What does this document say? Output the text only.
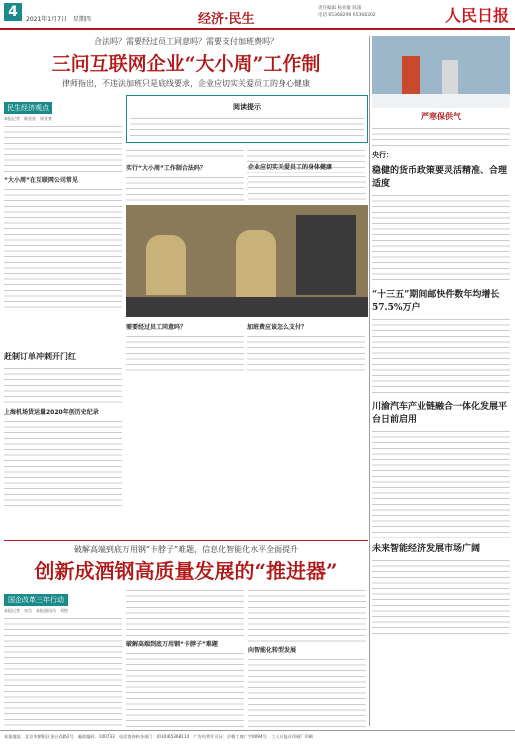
4	2021年1月7日　星期四	经济·民生
责任编辑 杨亚敏 陈康
电话 65368290 65368302	人民日报
合法吗？需要经过员工同意吗？需要支付加班费吗？
三问互联网企业“大小周”工作制
律师指出，不违法加班只是底线要求，企业应切实关爱员工的身心健康
民生经济观点
本报记者　陈星星　周亚豪
“大小周”在互联网公司常见
阅读提示
实行“大小周”工作制合法吗？
需要经过员工同意吗？	加班费应该怎么支付？
赶制订单冲刺开门红
上海机场货运量2020年创历史纪录
企业应切实关爱员工的身体健康
破解高端到底万用钢“卡脖子”难题，信息化智能化水平全面提升
创新成酒钢高质量发展的“推进器”
国企改革三年行动
本报记者　宋岳　本报通讯员　刘悦
破解高端到底万用钢“卡脖子”难题
向智能化转型发展
严寒保供气
央行：
稳健的货币政策要灵活精准、合理适度
“十三五”期间邮快件数年均增长57.5%万户
川渝汽车产业链融合一体化发展平台日前启用
未来智能经济发展市场广阔
本报地址：北京市朝阳区金台西路2号　邮政编码：100733　电话查询转各部门：(010)65368114　广告经营许可证：京朝工商广字0094号　工人日报社印刷厂印刷
